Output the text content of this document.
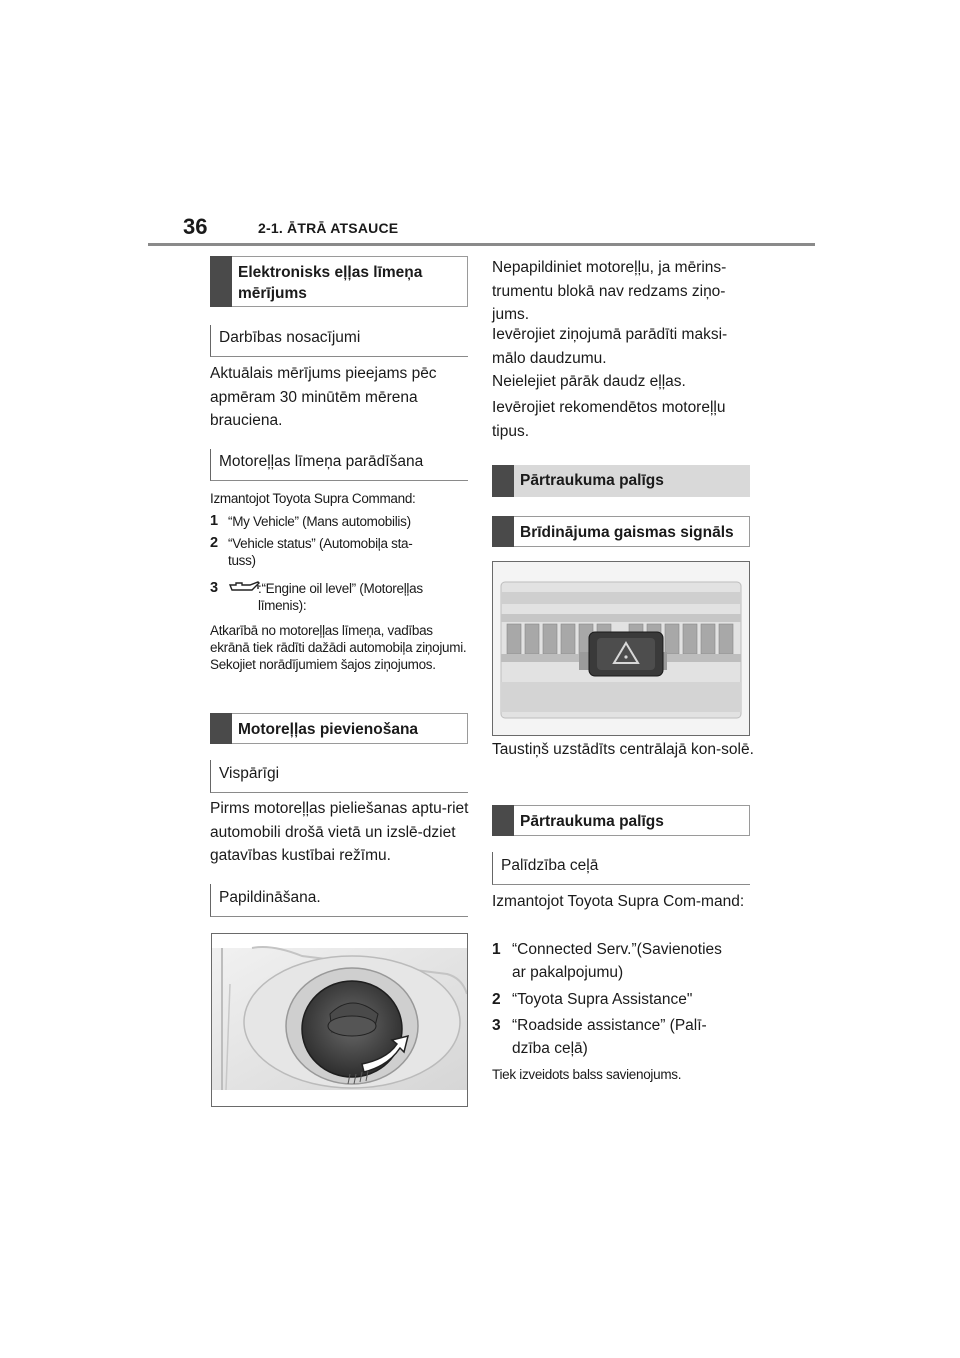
36	2-1. ĀTRĀ ATSAUCE
Elektronisks eļļas līmeņa mērījums
Darbības nosacījumi
Aktuālais mērījums pieejams pēc apmēram 30 minūtēm mērena brauciena.
Motoreļļas līmeņa parādīšana
Izmantojot Toyota Supra Command:
1 “My Vehicle” (Mans automobilis)
2 “Vehicle status” (Automobiļa sta-
tuss)
3	:“Engine oil level” (Motoreļļas
līmenis):
Atkarībā no motoreļļas līmeņa, vadības ekrānā tiek rādīti dažādi automobiļa ziņojumi. Sekojiet norādījumiem šajos ziņojumos.
Motoreļļas pievienošana
Vispārīgi
Pirms motoreļļas pieliešanas aptu-riet automobili drošā vietā un izslē-dziet gatavības kustībai režīmu.
Papildināšana.
Nepapildiniet motoreļļu, ja mērins-trumentu blokā nav redzams ziņo-jums.
Ievērojiet ziņojumā parādīti maksi-mālo daudzumu.
Neielejiet pārāk daudz eļļas.
Ievērojiet rekomendētos motoreļļu tipus.
Pārtraukuma palīgs
Brīdinājuma gaismas signāls
Taustiņš uzstādīts centrālajā kon-solē.
Pārtraukuma palīgs
Palīdzība ceļā
Izmantojot Toyota Supra Com-mand:
1 “Connected Serv.”(Savienoties
ar pakalpojumu)
2 “Toyota Supra Assistance"
3 “Roadside assistance” (Palī-
dzība ceļā)
Tiek izveidots balss savienojums.
